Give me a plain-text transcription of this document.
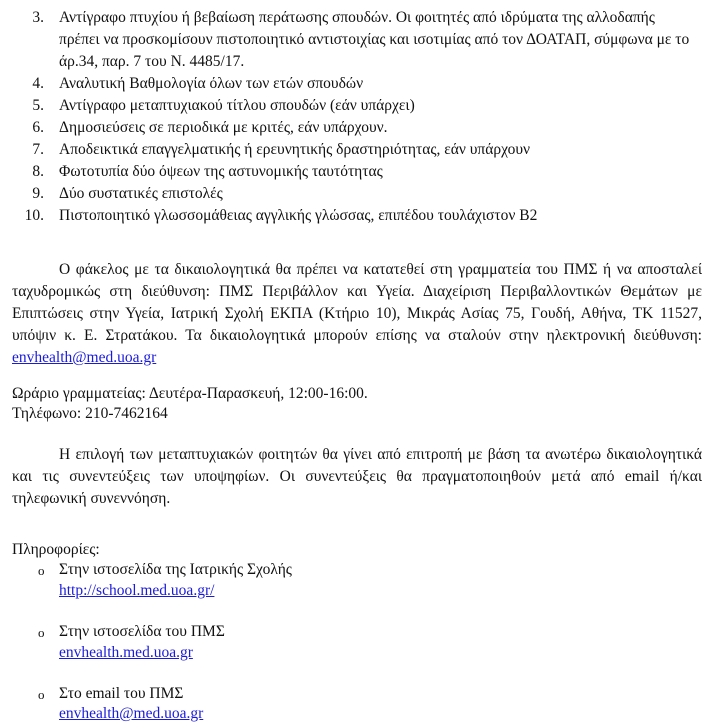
3. Αντίγραφο πτυχίου ή βεβαίωση περάτωσης σπουδών. Οι φοιτητές από ιδρύματα της αλλοδαπής πρέπει να προσκομίσουν πιστοποιητικό αντιστοιχίας και ισοτιμίας από τον ΔΟΑΤΑΠ, σύμφωνα με το άρ.34, παρ. 7 του Ν. 4485/17.
4. Αναλυτική Βαθμολογία όλων των ετών σπουδών
5. Αντίγραφο μεταπτυχιακού τίτλου σπουδών (εάν υπάρχει)
6. Δημοσιεύσεις σε περιοδικά με κριτές, εάν υπάρχουν.
7. Αποδεικτικά επαγγελματικής ή ερευνητικής δραστηριότητας, εάν υπάρχουν
8. Φωτοτυπία δύο όψεων της αστυνομικής ταυτότητας
9. Δύο συστατικές επιστολές
10. Πιστοποιητικό γλωσσομάθειας αγγλικής γλώσσας, επιπέδου τουλάχιστον Β2

Ο φάκελος με τα δικαιολογητικά θα πρέπει να κατατεθεί στη γραμματεία του ΠΜΣ ή να αποσταλεί ταχυδρομικώς στη διεύθυνση: ΠΜΣ Περιβάλλον και Υγεία. Διαχείριση Περιβαλλοντικών Θεμάτων με Επιπτώσεις στην Υγεία, Ιατρική Σχολή ΕΚΠΑ (Κτήριο 10), Μικράς Ασίας 75, Γουδή, Αθήνα, ΤΚ 11527, υπόψιν κ. Ε. Στρατάκου. Τα δικαιολογητικά μπορούν επίσης να σταλούν στην ηλεκτρονική διεύθυνση: envhealth@med.uoa.gr

Ωράριο γραμματείας: Δευτέρα-Παρασκευή, 12:00-16:00.

Τηλέφωνο: 210-7462164

Η επιλογή των μεταπτυχιακών φοιτητών θα γίνει από επιτροπή με βάση τα ανωτέρω δικαιολογητικά και τις συνεντεύξεις των υποψηφίων. Οι συνεντεύξεις θα πραγματοποιηθούν μετά από email ή/και τηλεφωνική συνεννόηση.

Πληροφορίες:

o Στην ιστοσελίδα της Ιατρικής Σχολής
http://school.med.uoa.gr/
o Στην ιστοσελίδα του ΠΜΣ
envhealth.med.uoa.gr
o Στο email του ΠΜΣ
envhealth@med.uoa.gr
